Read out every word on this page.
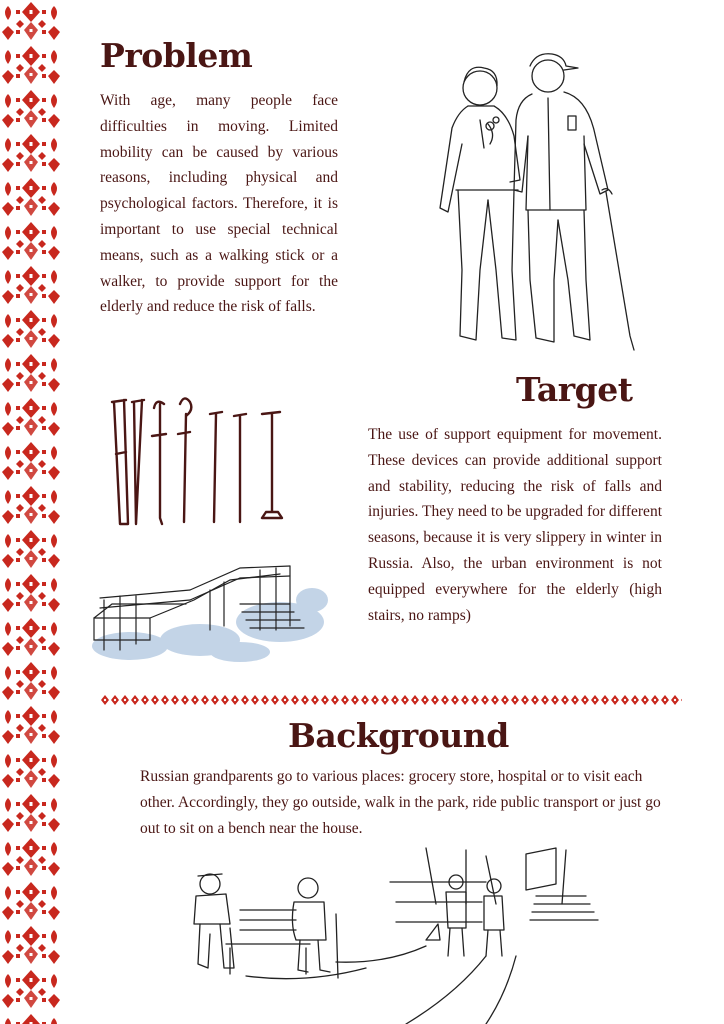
Problem

With age, many people face difficulties in moving. Limited mobility can be caused by various reasons, including physical and psychological factors. Therefore, it is important to use special technical means, such as a walking stick or a walker, to provide support for the elderly and reduce the risk of falls.

Target

The use of support equipment for movement. These devices can provide additional support and stability, reducing the risk of falls and injuries. They need to be upgraded for different seasons, because it is very slippery in winter in Russia. Also, the urban environment is not equipped everywhere for the elderly (high stairs, no ramps)

Background

Russian grandparents go to various places: grocery store, hospital or to visit each other. Accordingly, they go outside, walk in the park, ride public transport or just go out to sit on a bench near the house.
